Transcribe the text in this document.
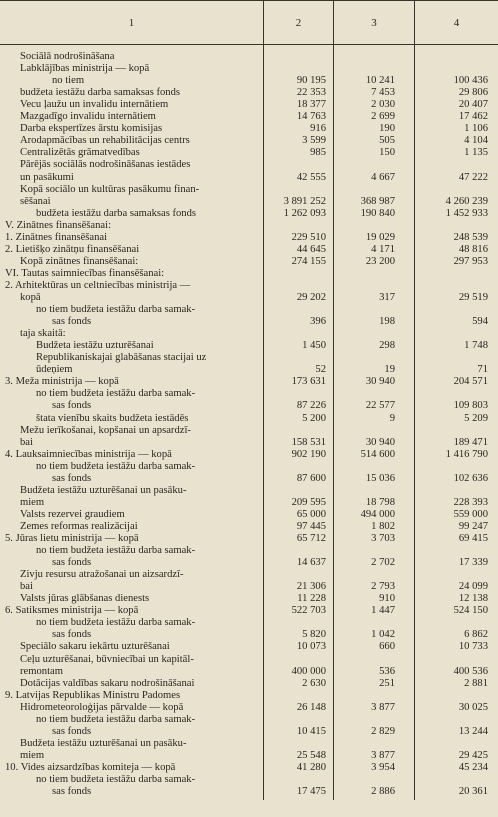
1	2	3	4
Sociālā nodrošināšana
Labklājības ministrija — kopā
no tiem	90 195	10 241	100 436
budžeta iestāžu darba samaksas fonds	22 353	7 453	29 806
Vecu ļaužu un invalidu internātiem	18 377	2 030	20 407
Mazgadīgo invalidu internātiem	14 763	2 699	17 462
Darba ekspertīzes ārstu komisijas	916	190	1 106
Arodapmācības un rehabilitācijas centrs	3 599	505	4 104
Centralizētās grāmatvedības	985	150	1 135
Pārējās sociālās nodrošināšanas iestādes
un pasākumi	42 555	4 667	47 222
Kopā sociālo un kultūras pasākumu finan-
sēšanai	3 891 252	368 987	4 260 239
budžeta iestāžu darba samaksas fonds	1 262 093	190 840	1 452 933
V. Zinātnes finansēšanai:
1. Zinātnes finansēšanai	229 510	19 029	248 539
2. Lietišķo zinātņu finansēšanai	44 645	4 171	48 816
Kopā zinātnes finansēšanai:	274 155	23 200	297 953
VI. Tautas saimniecības finansēšanai:
2. Arhitektūras un celtniecības ministrija —
kopā	29 202	317	29 519
no tiem budžeta iestāžu darba samak-
sas fonds	396	198	594
taja skaitā:
Budžeta iestāžu uzturēšanai	1 450	298	1 748
Republikaniskajai glabāšanas stacijai uz
ūdeņiem	52	19	71
3. Meža ministrija — kopā	173 631	30 940	204 571
no tiem budžeta iestāžu darba samak-
sas fonds	87 226	22 577	109 803
štata vienību skaits budžeta iestādēs	5 200	9	5 209
Mežu ierīkošanai, kopšanai un apsardzī-
bai	158 531	30 940	189 471
4. Lauksaimniecības ministrija — kopā	902 190	514 600	1 416 790
no tiem budžeta iestāžu darba samak-
sas fonds	87 600	15 036	102 636
Budžeta iestāžu uzturēšanai un pasāku-
miem	209 595	18 798	228 393
Valsts rezervei graudiem	65 000	494 000	559 000
Zemes reformas realizācijai	97 445	1 802	99 247
5. Jūras lietu ministrija — kopā	65 712	3 703	69 415
no tiem budžeta iestāžu darba samak-
sas fonds	14 637	2 702	17 339
Zivju resursu atražošanai un aizsardzī-
bai	21 306	2 793	24 099
Valsts jūras glābšanas dienests	11 228	910	12 138
6. Satiksmes ministrija — kopā	522 703	1 447	524 150
no tiem budžeta iestāžu darba samak-
sas fonds	5 820	1 042	6 862
Speciālo sakaru iekārtu uzturēšanai	10 073	660	10 733
Ceļu uzturēšanai, būvniecībai un kapitāl-
remontam	400 000	536	400 536
Dotācijas valdības sakaru nodrošināšanai	2 630	251	2 881
9. Latvijas Republikas Ministru Padomes
Hidrometeoroloģijas pārvalde — kopā	26 148	3 877	30 025
no tiem budžeta iestāžu darba samak-
sas fonds	10 415	2 829	13 244
Budžeta iestāžu uzturēšanai un pasāku-
miem	25 548	3 877	29 425
10. Vides aizsardzības komiteja — kopā	41 280	3 954	45 234
no tiem budžeta iestāžu darba samak-
sas fonds	17 475	2 886	20 361
